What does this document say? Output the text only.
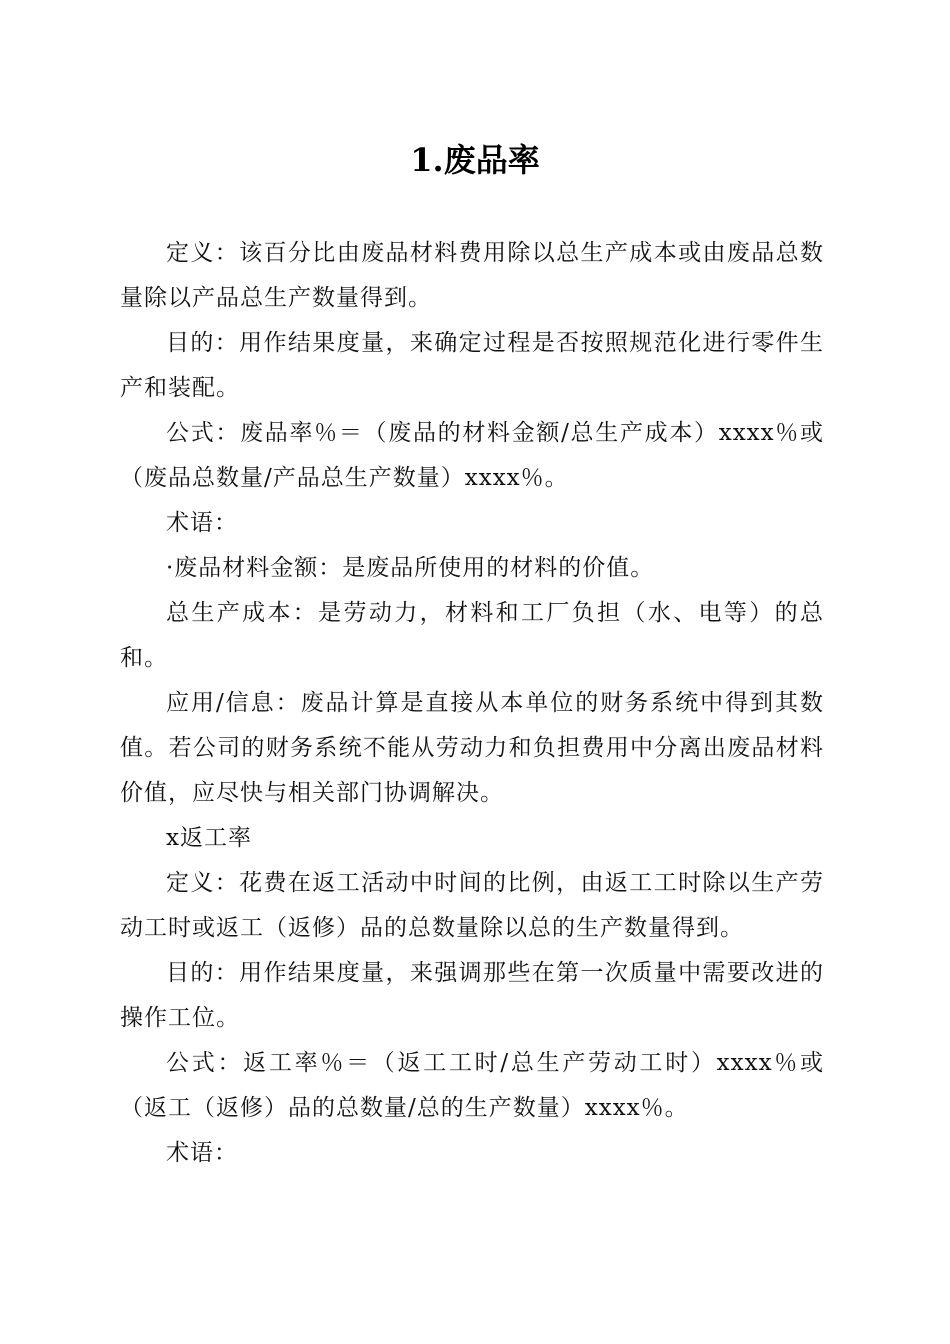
1.废品率

定义：该百分比由废品材料费用除以总生产成本或由废品总数量除以产品总生产数量得到。

目的：用作结果度量，来确定过程是否按照规范化进行零件生产和装配。

公式：废品率％＝（废品的材料金额/总生产成本）xxxx％或（废品总数量/产品总生产数量）xxxx％。

术语：

·废品材料金额：是废品所使用的材料的价值。

总生产成本：是劳动力，材料和工厂负担（水、电等）的总和。

应用/信息：废品计算是直接从本单位的财务系统中得到其数值。若公司的财务系统不能从劳动力和负担费用中分离出废品材料价值，应尽快与相关部门协调解决。

x返工率

定义：花费在返工活动中时间的比例，由返工工时除以生产劳动工时或返工（返修）品的总数量除以总的生产数量得到。

目的：用作结果度量，来强调那些在第一次质量中需要改进的操作工位。

公式：返工率％＝（返工工时/总生产劳动工时）xxxx％或（返工（返修）品的总数量/总的生产数量）xxxx％。

术语：
